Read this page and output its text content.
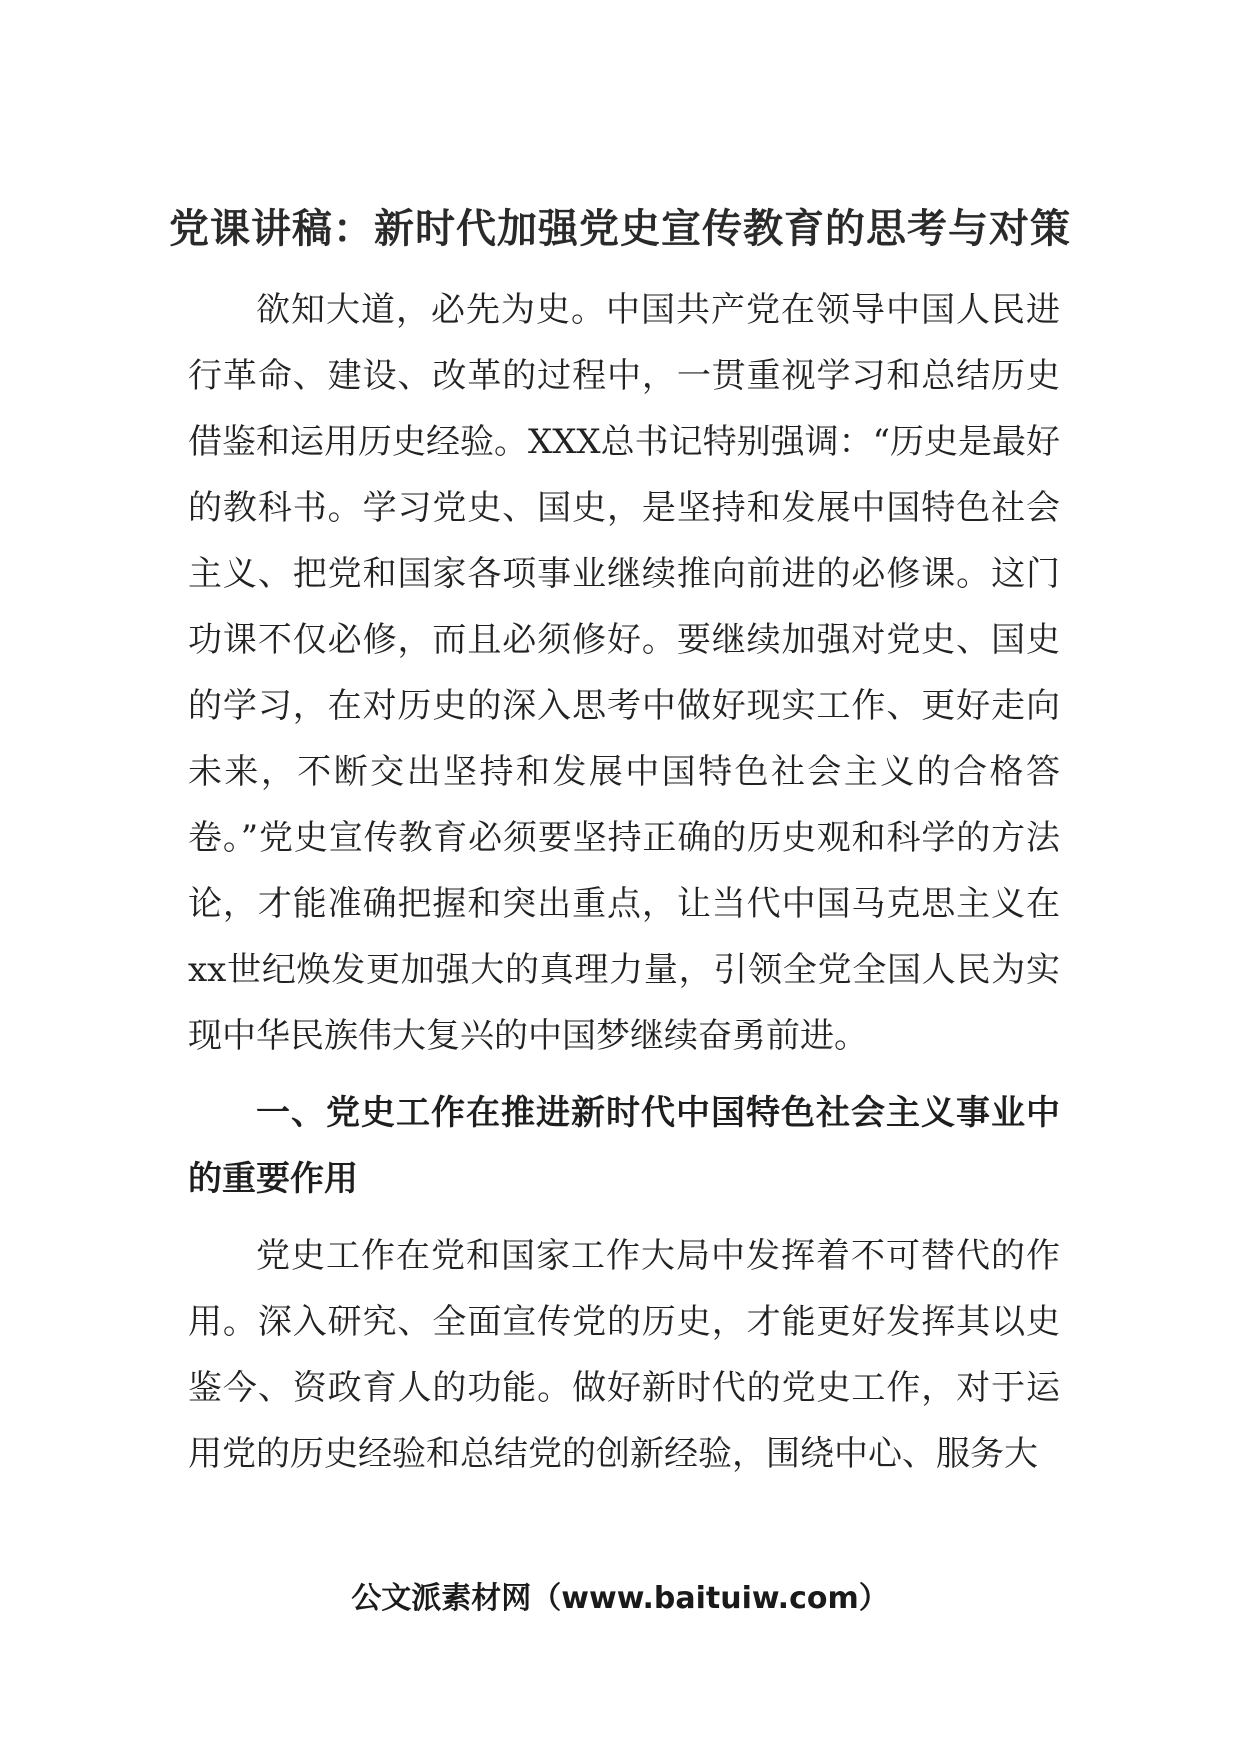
党课讲稿：新时代加强党史宣传教育的思考与对策

欲知大道，必先为史。中国共产党在领导中国人民进行革命、建设、改革的过程中，一贯重视学习和总结历史借鉴和运用历史经验。XXX总书记特别强调：“历史是最好的教科书。学习党史、国史，是坚持和发展中国特色社会主义、把党和国家各项事业继续推向前进的必修课。这门功课不仅必修，而且必须修好。要继续加强对党史、国史的学习，在对历史的深入思考中做好现实工作、更好走向未来，不断交出坚持和发展中国特色社会主义的合格答卷。”党史宣传教育必须要坚持正确的历史观和科学的方法论，才能准确把握和突出重点，让当代中国马克思主义在xx世纪焕发更加强大的真理力量，引领全党全国人民为实现中华民族伟大复兴的中国梦继续奋勇前进。

一、党史工作在推进新时代中国特色社会主义事业中的重要作用

党史工作在党和国家工作大局中发挥着不可替代的作用。深入研究、全面宣传党的历史，才能更好发挥其以史鉴今、资政育人的功能。做好新时代的党史工作，对于运用党的历史经验和总结党的创新经验，围绕中心、服务大

公文派素材网（www.baituiw.com）
